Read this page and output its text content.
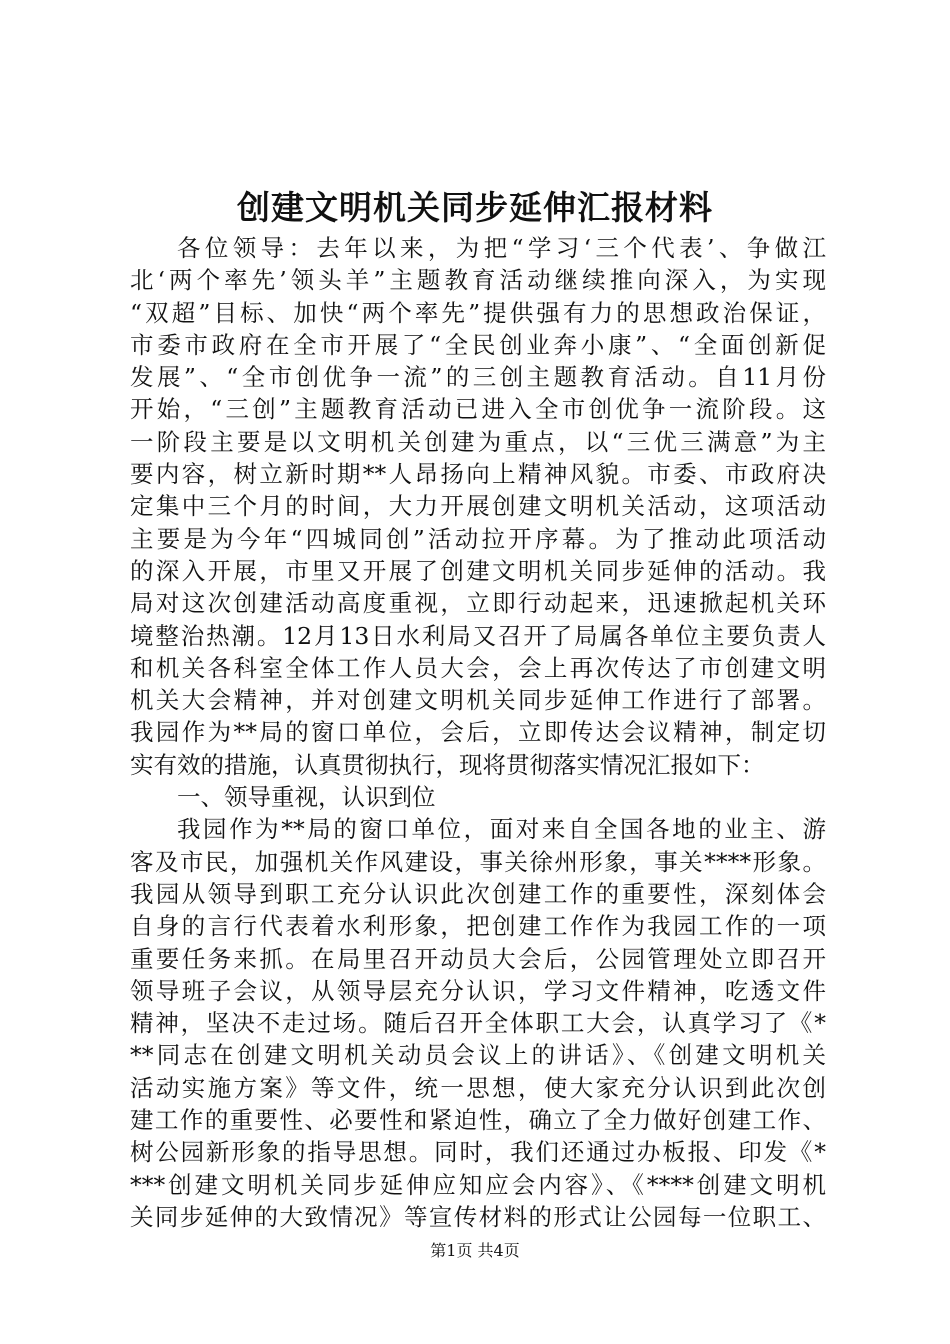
创建文明机关同步延伸汇报材料
各位领导：去年以来，为把“学习‘三个代表’、争做江
北‘两个率先’领头羊”主题教育活动继续推向深入，为实现
“双超”目标、加快“两个率先”提供强有力的思想政治保证，
市委市政府在全市开展了“全民创业奔小康”、“全面创新促
发展”、“全市创优争一流”的三创主题教育活动。自11月份
开始，“三创”主题教育活动已进入全市创优争一流阶段。这
一阶段主要是以文明机关创建为重点，以“三优三满意”为主
要内容，树立新时期**人昂扬向上精神风貌。市委、市政府决
定集中三个月的时间，大力开展创建文明机关活动，这项活动
主要是为今年“四城同创”活动拉开序幕。为了推动此项活动
的深入开展，市里又开展了创建文明机关同步延伸的活动。我
局对这次创建活动高度重视，立即行动起来，迅速掀起机关环
境整治热潮。12月13日水利局又召开了局属各单位主要负责人
和机关各科室全体工作人员大会，会上再次传达了市创建文明
机关大会精神，并对创建文明机关同步延伸工作进行了部署。
我园作为**局的窗口单位，会后，立即传达会议精神，制定切
实有效的措施，认真贯彻执行，现将贯彻落实情况汇报如下：
一、领导重视，认识到位
我园作为**局的窗口单位，面对来自全国各地的业主、游
客及市民，加强机关作风建设，事关徐州形象，事关****形象。
我园从领导到职工充分认识此次创建工作的重要性，深刻体会
自身的言行代表着水利形象，把创建工作作为我园工作的一项
重要任务来抓。在局里召开动员大会后，公园管理处立即召开
领导班子会议，从领导层充分认识，学习文件精神，吃透文件
精神，坚决不走过场。随后召开全体职工大会，认真学习了《*
**同志在创建文明机关动员会议上的讲话》、《创建文明机关
活动实施方案》等文件，统一思想，使大家充分认识到此次创
建工作的重要性、必要性和紧迫性，确立了全力做好创建工作、
树公园新形象的指导思想。同时，我们还通过办板报、印发《*
***创建文明机关同步延伸应知应会内容》、《****创建文明机
关同步延伸的大致情况》等宣传材料的形式让公园每一位职工、
第1页 共4页
